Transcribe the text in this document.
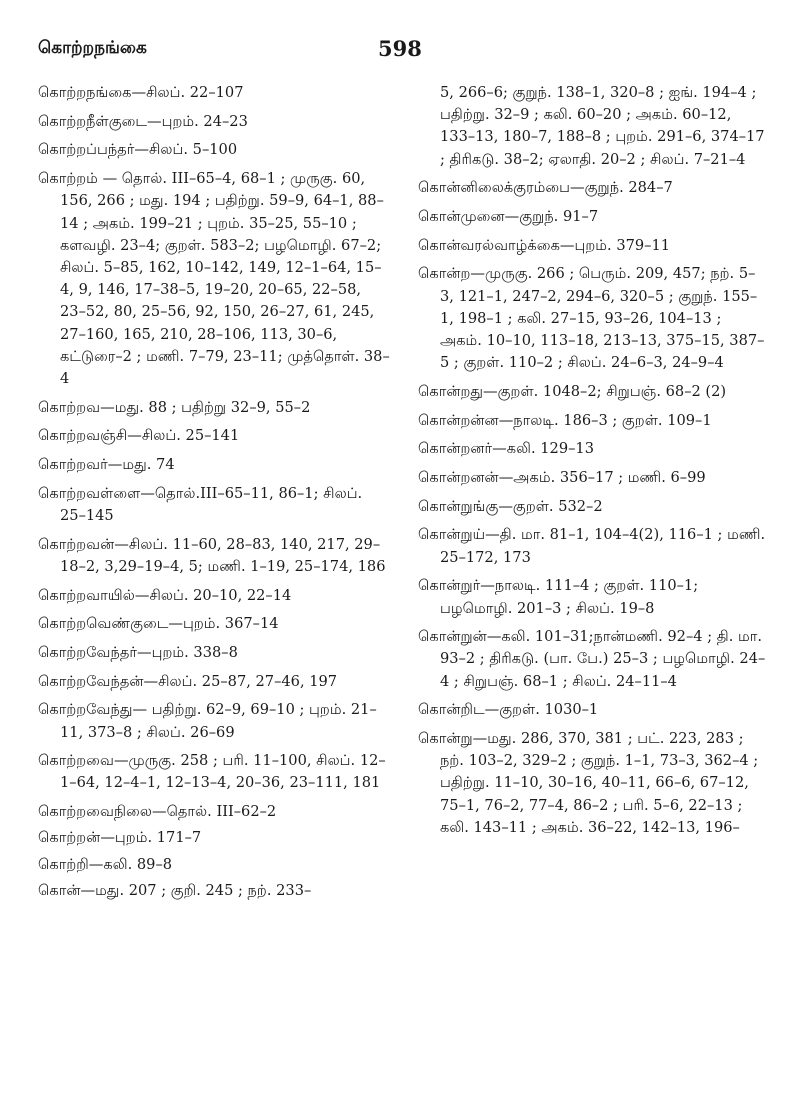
கொற்றநங்கை	598

கொற்றநங்கை—சிலப். 22–107

கொற்றநீள்குடை—புறம். 24–23

கொற்றப்பந்தர்—சிலப். 5–100

கொற்றம் — தொல். III–65–4, 68–1 ; முருகு. 60, 156, 266 ; மது. 194 ; பதிற்று. 59–9, 64–1, 88–14 ; அகம். 199–21 ; புறம். 35–25, 55–10 ; களவழி. 23–4; குறள். 583–2; பழமொழி. 67–2; சிலப். 5–85, 162, 10–142, 149, 12–1–64, 15–4, 9, 146, 17–38–5, 19–20, 20–65, 22–58, 23–52, 80, 25–56, 92, 150, 26–27, 61, 245, 27–160, 165, 210, 28–106, 113, 30–6, கட்டுரை–2 ; மணி. 7–79, 23–11; முத்தொள். 38–4

கொற்றவ—மது. 88 ; பதிற்று 32–9, 55–2

கொற்றவஞ்சி—சிலப். 25–141

கொற்றவர்—மது. 74

கொற்றவள்ளை—தொல்.III–65–11, 86–1; சிலப். 25–145

கொற்றவன்—சிலப். 11–60, 28–83, 140, 217, 29–18–2, 3,29–19–4, 5; மணி. 1–19, 25–174, 186

கொற்றவாயில்—சிலப். 20–10, 22–14

கொற்றவெண்குடை—புறம். 367–14

கொற்றவேந்தர்—புறம். 338–8

கொற்றவேந்தன்—சிலப். 25–87, 27–46, 197

கொற்றவேந்து— பதிற்று. 62–9, 69–10 ; புறம். 21–11, 373–8 ; சிலப். 26–69

கொற்றவை—முருகு. 258 ; பரி. 11–100, சிலப். 12–1–64, 12–4–1, 12–13–4, 20–36, 23–111, 181

கொற்றவைநிலை—தொல். III–62–2

கொற்றன்—புறம். 171–7

கொற்றி—கலி. 89–8

கொன்—மது. 207 ; குறி. 245 ; நற். 233–

5, 266–6; குறுந். 138–1, 320–8 ; ஐங். 194–4 ; பதிற்று. 32–9 ; கலி. 60–20 ; அகம். 60–12, 133–13, 180–7, 188–8 ; புறம். 291–6, 374–17 ; திரிகடு. 38–2; ஏலாதி. 20–2 ; சிலப். 7–21–4

கொன்னிலைக்குரம்பை—குறுந். 284–7

கொன்முனை—குறுந். 91–7

கொன்வரல்வாழ்க்கை—புறம். 379–11

கொன்ற—முருகு. 266 ; பெரும். 209, 457; நற். 5–3, 121–1, 247–2, 294–6, 320–5 ; குறுந். 155–1, 198–1 ; கலி. 27–15, 93–26, 104–13 ; அகம். 10–10, 113–18, 213–13, 375–15, 387–5 ; குறள். 110–2 ; சிலப். 24–6–3, 24–9–4

கொன்றது—குறள். 1048–2; சிறுபஞ். 68–2 (2)

கொன்றன்ன—நாலடி. 186–3 ; குறள். 109–1

கொன்றனர்—கலி. 129–13

கொன்றனன்—அகம். 356–17 ; மணி. 6–99

கொன்றுங்கு—குறள். 532–2

கொன்றுய்—தி. மா. 81–1, 104–4(2), 116–1 ; மணி. 25–172, 173

கொன்றுர்—நாலடி. 111–4 ; குறள். 110–1; பழமொழி. 201–3 ; சிலப். 19–8

கொன்றுன்—கலி. 101–31;நான்மணி. 92–4 ; தி. மா. 93–2 ; திரிகடு. (பா. பே.) 25–3 ; பழமொழி. 24–4 ; சிறுபஞ். 68–1 ; சிலப். 24–11–4

கொன்றிட—குறள். 1030–1

கொன்று—மது. 286, 370, 381 ; பட். 223, 283 ; நற். 103–2, 329–2 ; குறுந். 1–1, 73–3, 362–4 ; பதிற்று. 11–10, 30–16, 40–11, 66–6, 67–12, 75–1, 76–2, 77–4, 86–2 ; பரி. 5–6, 22–13 ; கலி. 143–11 ; அகம். 36–22, 142–13, 196–
